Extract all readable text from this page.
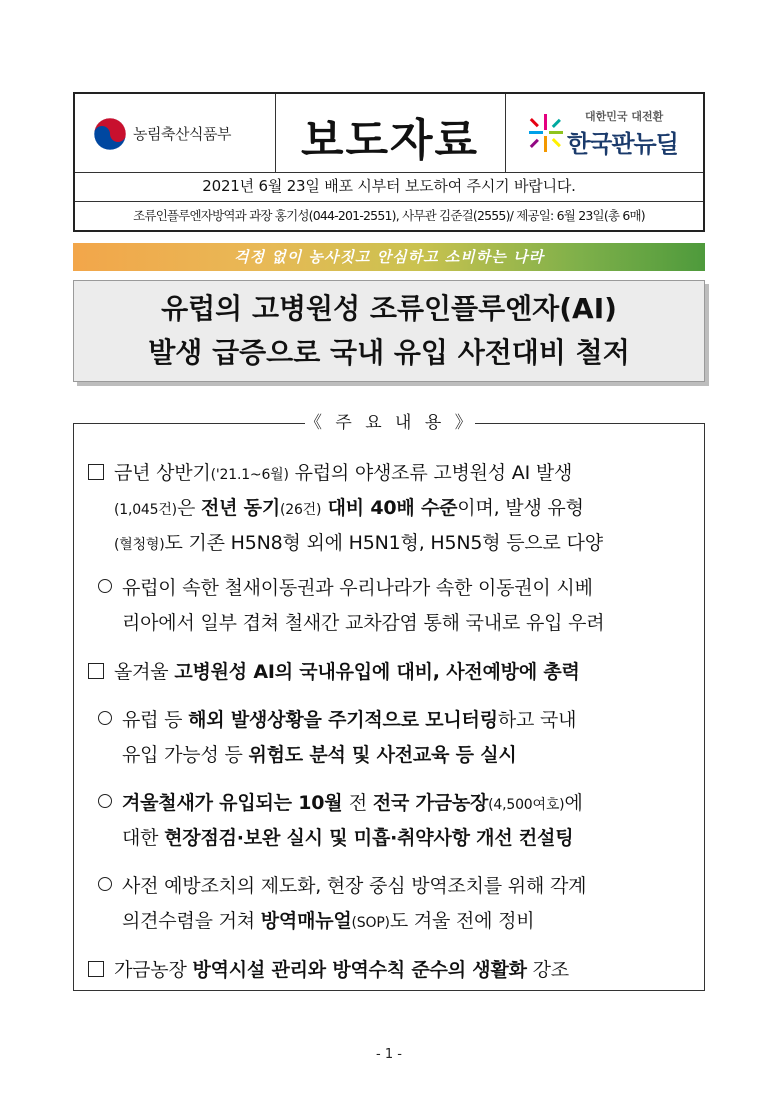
농림축산식품부	보도자료	대한민국 대전환
한국판뉴딜
2021년 6월 23일 배포 시부터 보도하여 주시기 바랍니다.
조류인플루엔자방역과 과장 홍기성(044-201-2551), 사무관 김준걸(2555)/ 제공일: 6월 23일(총 6매)
걱정 없이 농사짓고 안심하고 소비하는 나라
유럽의 고병원성 조류인플루엔자(AI)
발생 급증으로 국내 유입 사전대비 철저
《 주 요 내 용 》
금년 상반기('21.1~6월) 유럽의 야생조류 고병원성 AI 발생
(1,045건)은 전년 동기(26건) 대비 40배 수준이며, 발생 유형
(혈청형)도 기존 H5N8형 외에 H5N1형, H5N5형 등으로 다양
유럽이 속한 철새이동권과 우리나라가 속한 이동권이 시베
리아에서 일부 겹쳐 철새간 교차감염 통해 국내로 유입 우려
올겨울 고병원성 AI의 국내유입에 대비, 사전예방에 총력
유럽 등 해외 발생상황을 주기적으로 모니터링하고 국내
유입 가능성 등 위험도 분석 및 사전교육 등 실시
겨울철새가 유입되는 10월 전 전국 가금농장(4,500여호)에
대한 현장점검·보완 실시 및 미흡·취약사항 개선 컨설팅
사전 예방조치의 제도화, 현장 중심 방역조치를 위해 각계
의견수렴을 거쳐 방역매뉴얼(SOP)도 겨울 전에 정비
가금농장 방역시설 관리와 방역수칙 준수의 생활화 강조
- 1 -
